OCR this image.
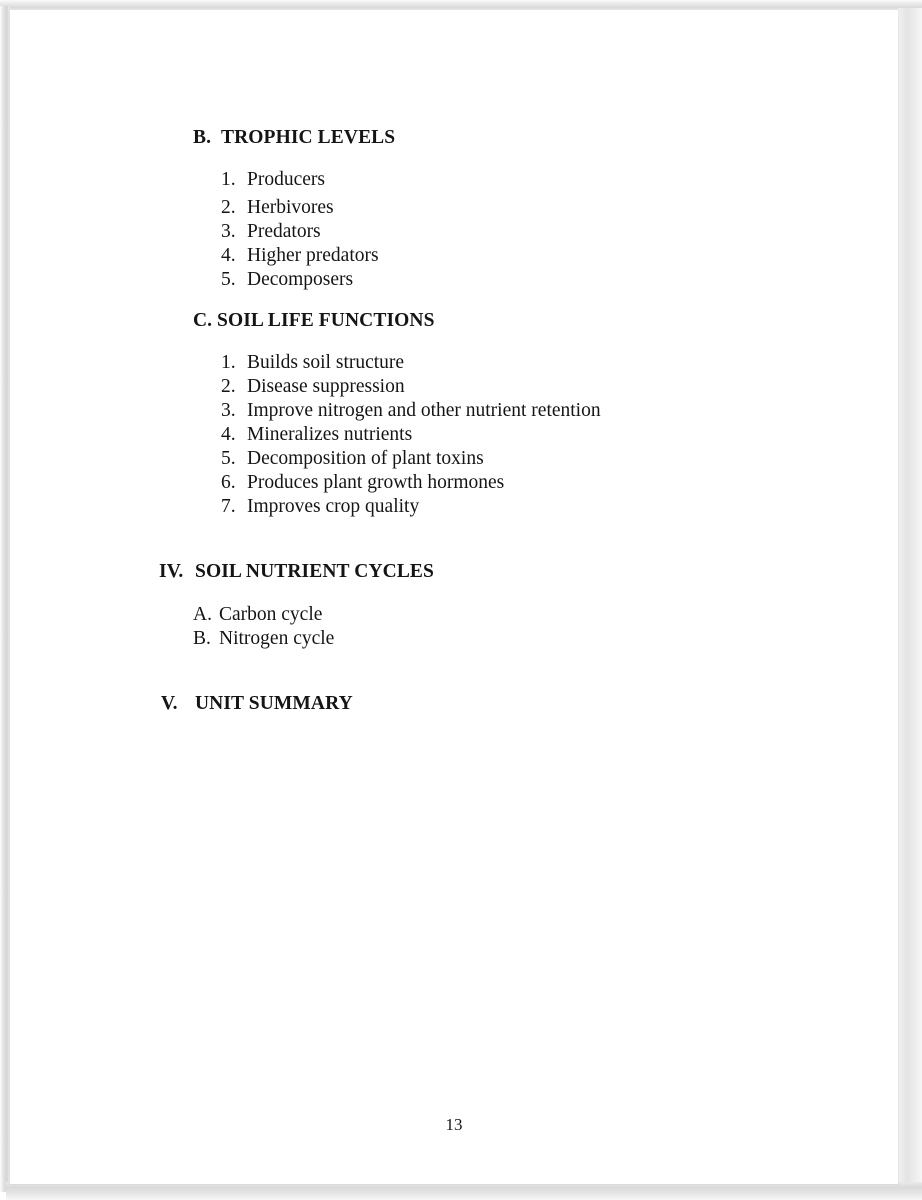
B. TROPHIC LEVELS
1. Producers
2. Herbivores
3. Predators
4. Higher predators
5. Decomposers
C. SOIL LIFE FUNCTIONS
1. Builds soil structure
2. Disease suppression
3. Improve nitrogen and other nutrient retention
4. Mineralizes nutrients
5. Decomposition of plant toxins
6. Produces plant growth hormones
7. Improves crop quality
IV. SOIL NUTRIENT CYCLES
A. Carbon cycle
B. Nitrogen cycle
V. UNIT SUMMARY
13
